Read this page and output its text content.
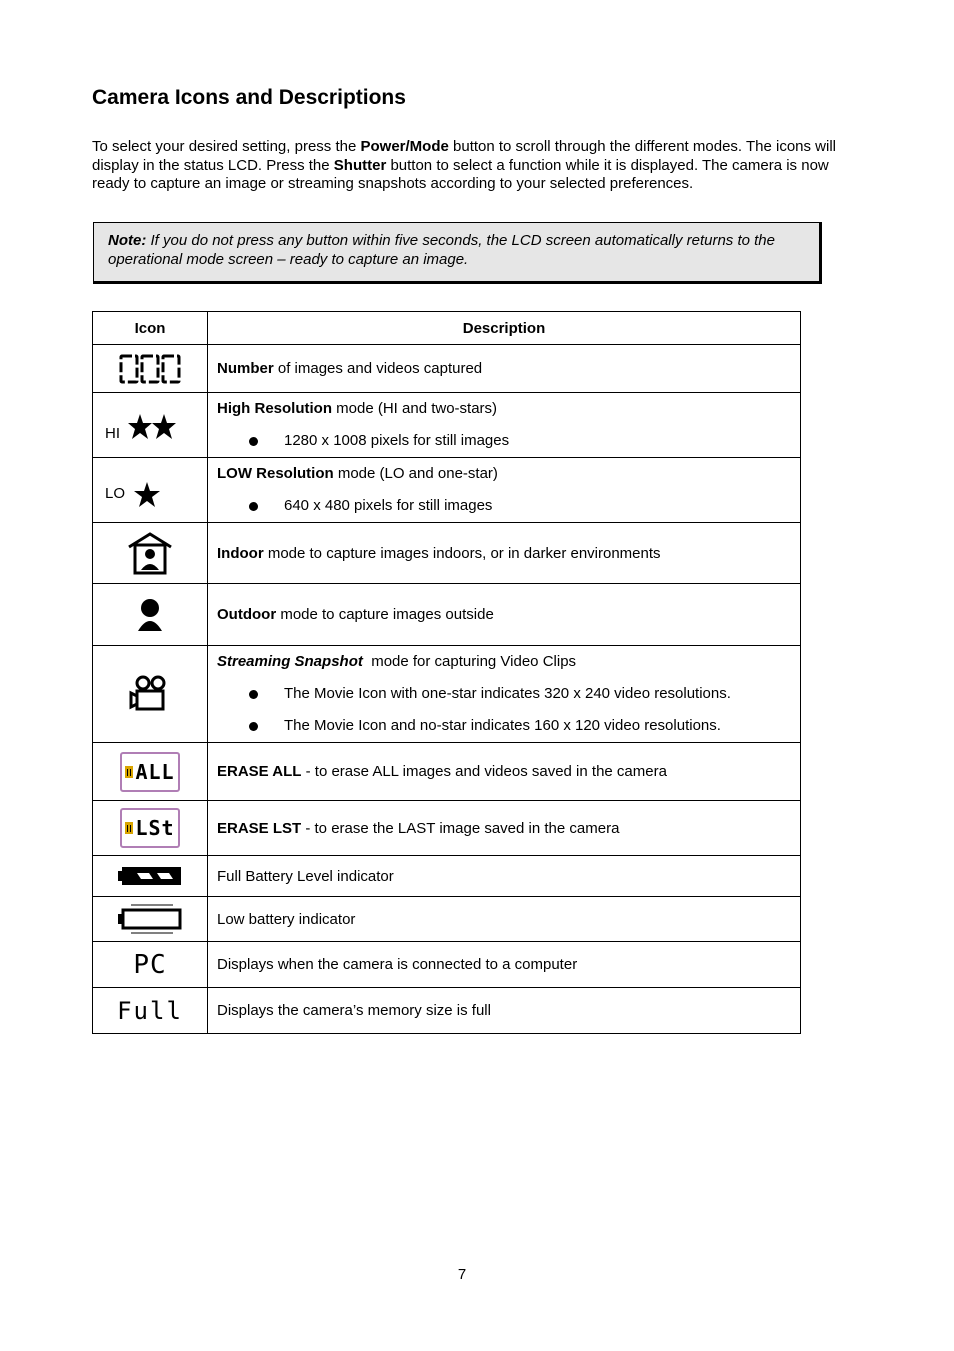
Camera Icons and Descriptions

To select your desired setting, press the Power/Mode button to scroll through the different modes. The icons will display in the status LCD. Press the Shutter button to select a function while it is displayed. The camera is now ready to capture an image or streaming snapshots according to your selected preferences.

Note: If you do not press any button within five seconds, the LCD screen automatically returns to the operational mode screen – ready to capture an image.
Icon	Description
	Number of images and videos captured
HI	High Resolution mode (HI and two-stars)
1280 x 1008 pixels for still images

LO	LOW Resolution mode (LO and one-star)
640 x 480 pixels for still images

	Indoor mode to capture images indoors, or in darker environments
	Outdoor mode to capture images outside

Streaming Snapshot  mode for capturing Video Clips
The Movie Icon with one-star indicates 320 x 240 video resolutions.
The Movie Icon and no-star indicates 160 x 120 video resolutions.

ALL	ERASE ALL - to erase ALL images and videos saved in the camera

LSt	ERASE LST - to erase the LAST image saved in the camera
	Full Battery Level indicator
	Low battery indicator
PC	Displays when the camera is connected to a computer
Full	Displays the camera’s memory size is full
7
